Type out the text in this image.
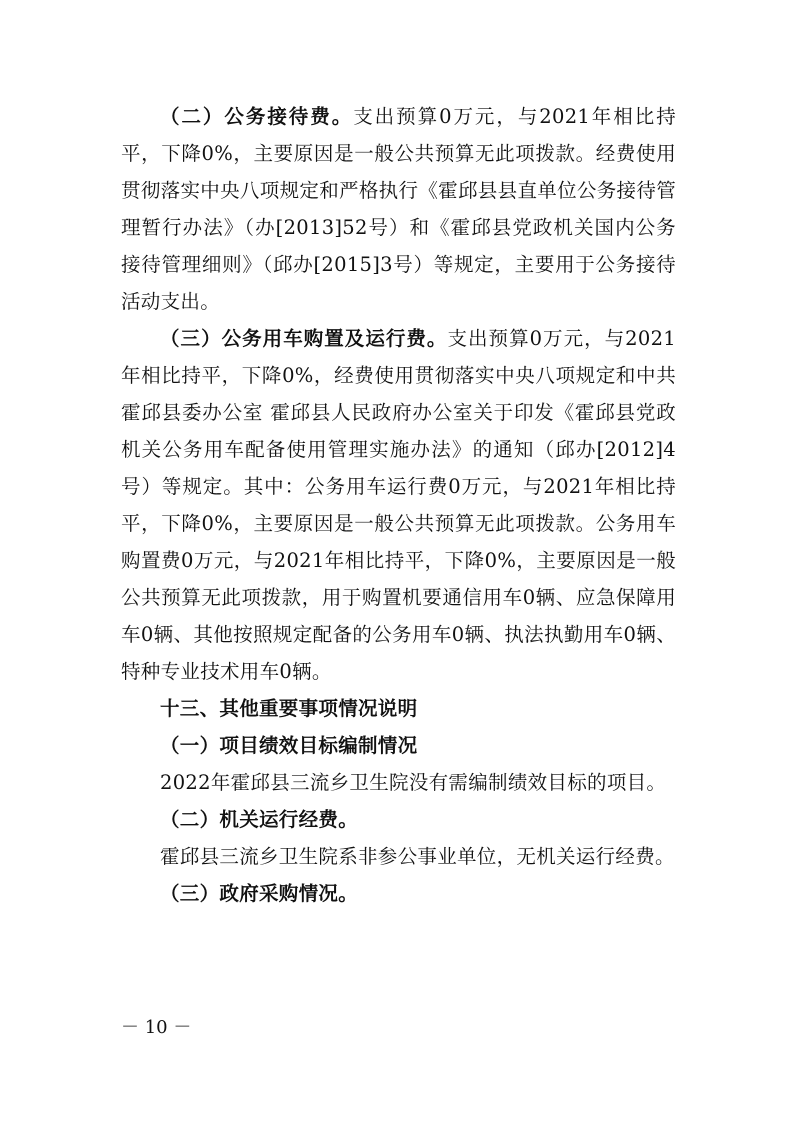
（二）公务接待费。支出预算0万元，与2021年相比持平，下降0%，主要原因是一般公共预算无此项拨款。经费使用贯彻落实中央八项规定和严格执行《霍邱县县直单位公务接待管理暂行办法》（办[2013]52号）和《霍邱县党政机关国内公务接待管理细则》（邱办[2015]3号）等规定，主要用于公务接待活动支出。

（三）公务用车购置及运行费。支出预算0万元，与2021年相比持平，下降0%，经费使用贯彻落实中央八项规定和中共霍邱县委办公室 霍邱县人民政府办公室关于印发《霍邱县党政机关公务用车配备使用管理实施办法》的通知（邱办[2012]4号）等规定。其中：公务用车运行费0万元，与2021年相比持平，下降0%，主要原因是一般公共预算无此项拨款。公务用车购置费0万元，与2021年相比持平，下降0%，主要原因是一般公共预算无此项拨款，用于购置机要通信用车0辆、应急保障用车0辆、其他按照规定配备的公务用车0辆、执法执勤用车0辆、特种专业技术用车0辆。

十三、其他重要事项情况说明

（一）项目绩效目标编制情况

2022年霍邱县三流乡卫生院没有需编制绩效目标的项目。

（二）机关运行经费。

霍邱县三流乡卫生院系非参公事业单位，无机关运行经费。

（三）政府采购情况。

－ 10 －
